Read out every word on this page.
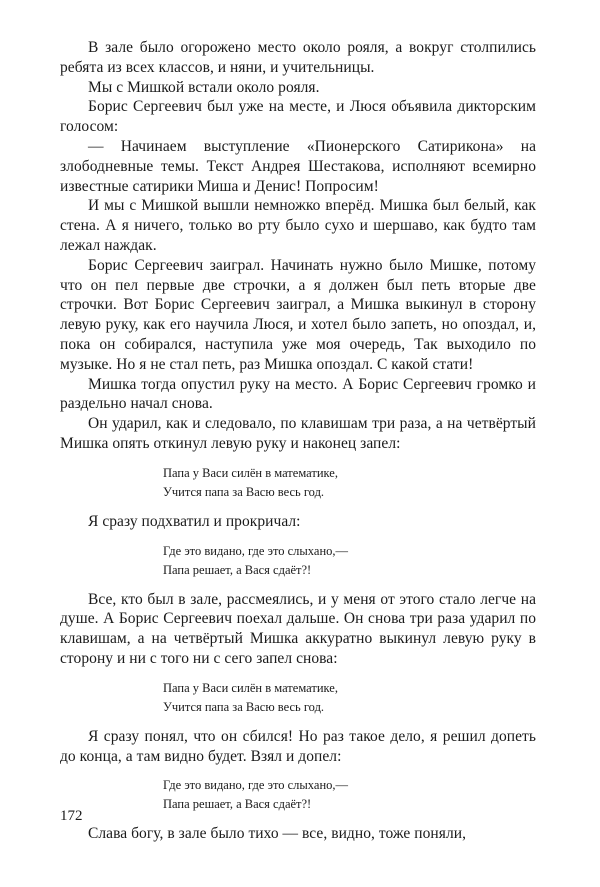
В зале было огорожено место около рояля, а вокруг столпились ребята из всех классов, и няни, и учительницы.

Мы с Мишкой встали около рояля.

Борис Сергеевич был уже на месте, и Люся объявила дикторским голосом:

— Начинаем выступление «Пионерского Сатирикона» на злободневные темы. Текст Андрея Шестакова, исполняют всемирно известные сатирики Миша и Денис! Попросим!

И мы с Мишкой вышли немножко вперёд. Мишка был белый, как стена. А я ничего, только во рту было сухо и шершаво, как будто там лежал наждак.

Борис Сергеевич заиграл. Начинать нужно было Мишке, потому что он пел первые две строчки, а я должен был петь вторые две строчки. Вот Борис Сергеевич заиграл, а Мишка выкинул в сторону левую руку, как его научила Люся, и хотел было запеть, но опоздал, и, пока он собирался, наступила уже моя очередь, Так выходило по музыке. Но я не стал петь, раз Мишка опоздал. С какой стати!

Мишка тогда опустил руку на место. А Борис Сергеевич громко и раздельно начал снова.

Он ударил, как и следовало, по клавишам три раза, а на четвёртый Мишка опять откинул левую руку и наконец запел:

Папа у Васи силён в математике,
Учится папа за Васю весь год.

Я сразу подхватил и прокричал:

Где это видано, где это слыхано,—
Папа решает, а Вася сдаёт?!

Все, кто был в зале, рассмеялись, и у меня от этого стало легче на душе. А Борис Сергеевич поехал дальше. Он снова три раза ударил по клавишам, а на четвёртый Мишка аккуратно выкинул левую руку в сторону и ни с того ни с сего запел снова:

Папа у Васи силён в математике,
Учится папа за Васю весь год.

Я сразу понял, что он сбился! Но раз такое дело, я решил допеть до конца, а там видно будет. Взял и допел:

Где это видано, где это слыхано,—
Папа решает, а Вася сдаёт?!

Слава богу, в зале было тихо — все, видно, тоже поняли,

172
